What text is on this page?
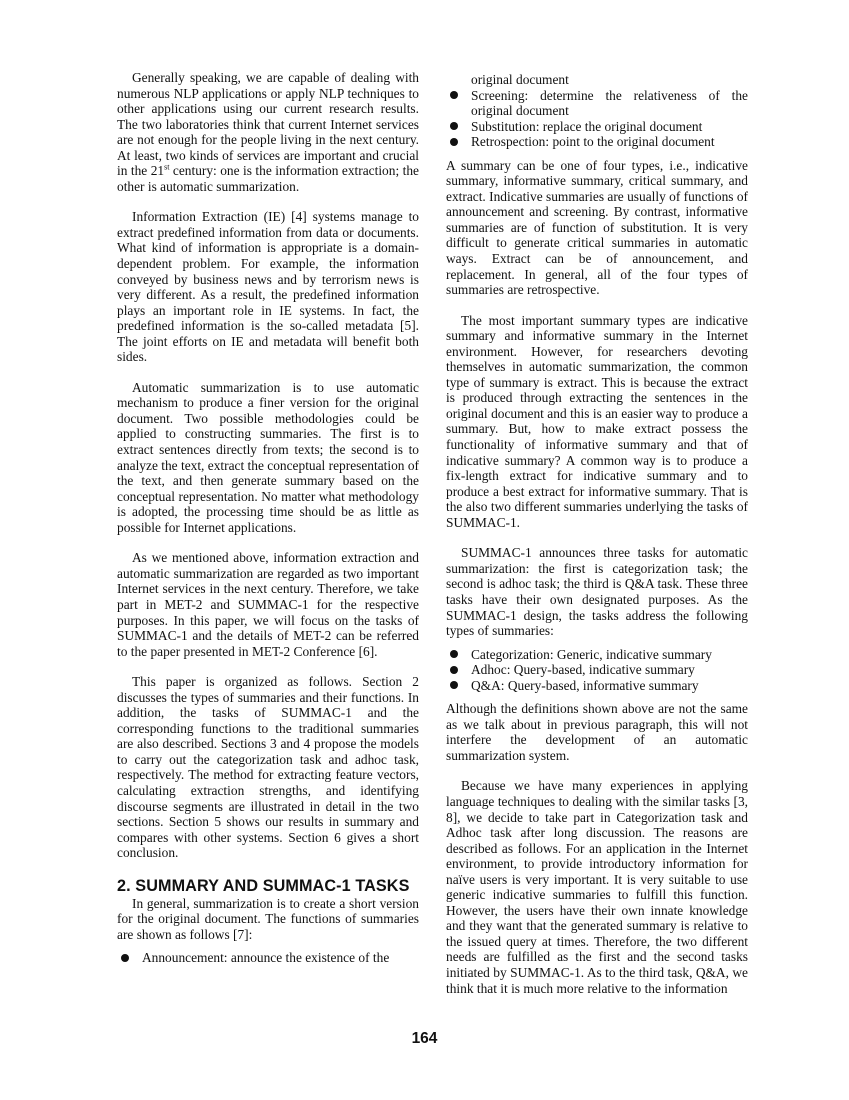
Generally speaking, we are capable of dealing with numerous NLP applications or apply NLP techniques to other applications using our current research results. The two laboratories think that current Internet services are not enough for the people living in the next century. At least, two kinds of services are important and crucial in the 21st century: one is the information extraction; the other is automatic summarization.

Information Extraction (IE) [4] systems manage to extract predefined information from data or documents. What kind of information is appropriate is a domain-dependent problem. For example, the information conveyed by business news and by terrorism news is very different. As a result, the predefined information plays an important role in IE systems. In fact, the predefined information is the so-called metadata [5]. The joint efforts on IE and metadata will benefit both sides.

Automatic summarization is to use automatic mechanism to produce a finer version for the original document. Two possible methodologies could be applied to constructing summaries. The first is to extract sentences directly from texts; the second is to analyze the text, extract the conceptual representation of the text, and then generate summary based on the conceptual representation. No matter what methodology is adopted, the processing time should be as little as possible for Internet applications.

As we mentioned above, information extraction and automatic summarization are regarded as two important Internet services in the next century. Therefore, we take part in MET-2 and SUMMAC-1 for the respective purposes. In this paper, we will focus on the tasks of SUMMAC-1 and the details of MET-2 can be referred to the paper presented in MET-2 Conference [6].

This paper is organized as follows. Section 2 discusses the types of summaries and their functions. In addition, the tasks of SUMMAC-1 and the corresponding functions to the traditional summaries are also described. Sections 3 and 4 propose the models to carry out the categorization task and adhoc task, respectively. The method for extracting feature vectors, calculating extraction strengths, and identifying discourse segments are illustrated in detail in the two sections. Section 5 shows our results in summary and compares with other systems. Section 6 gives a short conclusion.

2. SUMMARY AND SUMMAC-1 TASKS

In general, summarization is to create a short version for the original document. The functions of summaries are shown as follows [7]:

Announcement: announce the existence of the
original document
Screening: determine the relativeness of the original document
Substitution: replace the original document
Retrospection: point to the original document

A summary can be one of four types, i.e., indicative summary, informative summary, critical summary, and extract. Indicative summaries are usually of functions of announcement and screening. By contrast, informative summaries are of function of substitution. It is very difficult to generate critical summaries in automatic ways. Extract can be of announcement, and replacement. In general, all of the four types of summaries are retrospective.

The most important summary types are indicative summary and informative summary in the Internet environment. However, for researchers devoting themselves in automatic summarization, the common type of summary is extract. This is because the extract is produced through extracting the sentences in the original document and this is an easier way to produce a summary. But, how to make extract possess the functionality of informative summary and that of indicative summary? A common way is to produce a fix-length extract for indicative summary and to produce a best extract for informative summary. That is the also two different summaries underlying the tasks of SUMMAC-1.

SUMMAC-1 announces three tasks for automatic summarization: the first is categorization task; the second is adhoc task; the third is Q&A task. These three tasks have their own designated purposes. As the SUMMAC-1 design, the tasks address the following types of summaries:

Categorization: Generic, indicative summary
Adhoc: Query-based, indicative summary
Q&A: Query-based, informative summary

Although the definitions shown above are not the same as we talk about in previous paragraph, this will not interfere the development of an automatic summarization system.

Because we have many experiences in applying language techniques to dealing with the similar tasks [3, 8], we decide to take part in Categorization task and Adhoc task after long discussion. The reasons are described as follows. For an application in the Internet environment, to provide introductory information for naïve users is very important. It is very suitable to use generic indicative summaries to fulfill this function. However, the users have their own innate knowledge and they want that the generated summary is relative to the issued query at times. Therefore, the two different needs are fulfilled as the first and the second tasks initiated by SUMMAC-1. As to the third task, Q&A, we think that it is much more relative to the information

164
